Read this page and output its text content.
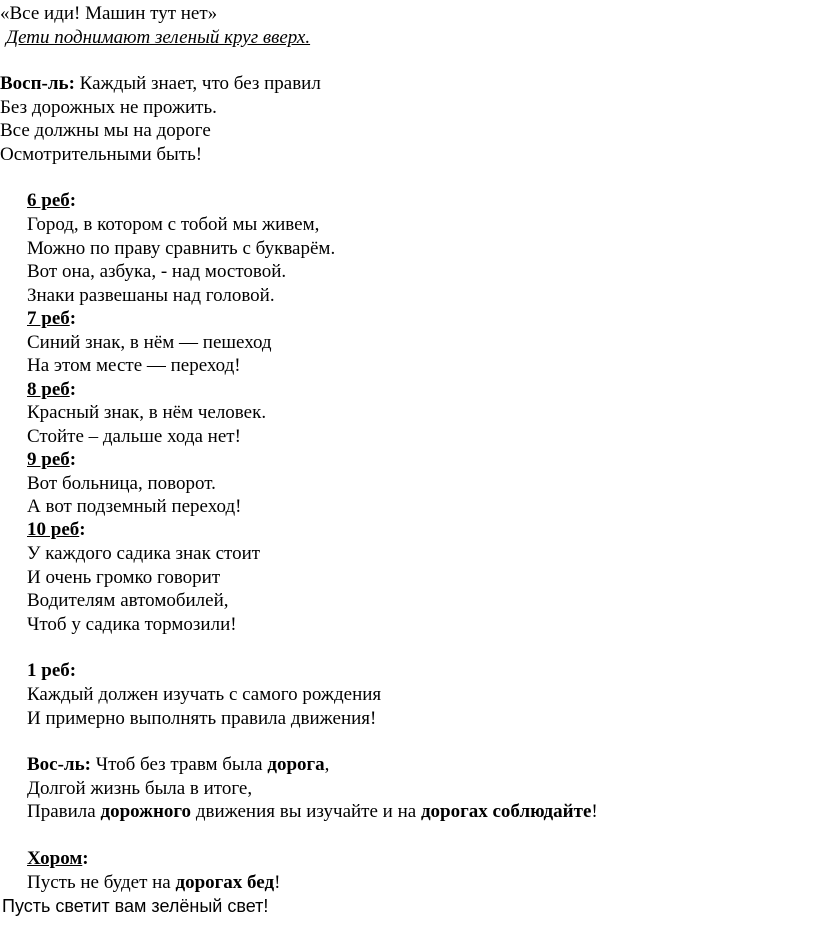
«Все иди! Машин тут нет»
Дети поднимают зеленый круг вверх.
Восп-ль: Каждый знает, что без правил
Без дорожных не прожить.
Все должны мы на дороге
Осмотрительными быть!
6 реб:
Город, в котором с тобой мы живем,
Можно по праву сравнить с букварём.
Вот она, азбука, - над мостовой.
Знаки развешаны над головой.
7 реб:
Синий знак, в нём — пешеход
На этом месте — переход!
8 реб:
Красный знак, в нём человек.
Стойте – дальше хода нет!
9 реб:
Вот больница, поворот.
А вот подземный переход!
10 реб:
У каждого садика знак стоит
И очень громко говорит
Водителям автомобилей,
Чтоб у садика тормозили!
1 реб:
Каждый должен изучать с самого рождения
И примерно выполнять правила движения!
Вос-ль: Чтоб без травм была дорога,
Долгой жизнь была в итоге,
Правила дорожного движения вы изучайте и на дорогах соблюдайте!
Хором:
Пусть не будет на дорогах бед!
Пусть светит вам зелёный свет!
